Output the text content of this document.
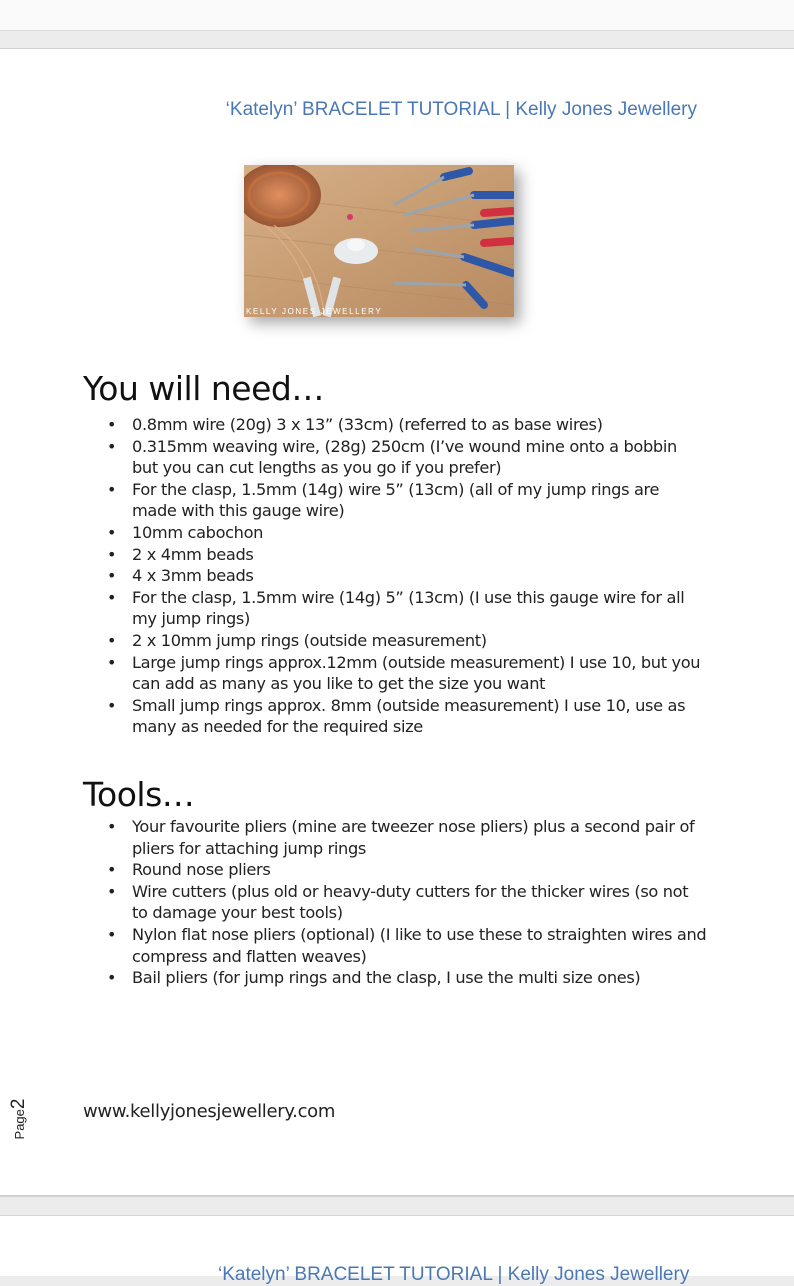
‘Katelyn’ BRACELET TUTORIAL | Kelly Jones Jewellery
KELLY JONES JEWELLERY
You will need…
• 0.8mm wire (20g) 3 x 13” (33cm) (referred to as base wires)
• 0.315mm weaving wire, (28g) 250cm (I’ve wound mine onto a bobbin but you can cut lengths as you go if you prefer)
• For the clasp, 1.5mm (14g) wire 5” (13cm) (all of my jump rings are made with this gauge wire)
• 10mm cabochon
• 2 x 4mm beads
• 4 x 3mm beads
• For the clasp, 1.5mm wire (14g) 5” (13cm) (I use this gauge wire for all my jump rings)
• 2 x 10mm jump rings (outside measurement)
• Large jump rings approx.12mm (outside measurement) I use 10, but you can add as many as you like to get the size you want
• Small jump rings approx. 8mm (outside measurement) I use 10, use as many as needed for the required size
Tools…
• Your favourite pliers (mine are tweezer nose pliers) plus a second pair of pliers for attaching jump rings
• Round nose pliers
• Wire cutters (plus old or heavy-duty cutters for the thicker wires (so not to damage your best tools)
• Nylon flat nose pliers (optional) (I like to use these to straighten wires and compress and flatten weaves)
• Bail pliers (for jump rings and the clasp, I use the multi size ones)
Page
2	www.kellyjonesjewellery.com
‘Katelyn’ BRACELET TUTORIAL | Kelly Jones Jewellery
